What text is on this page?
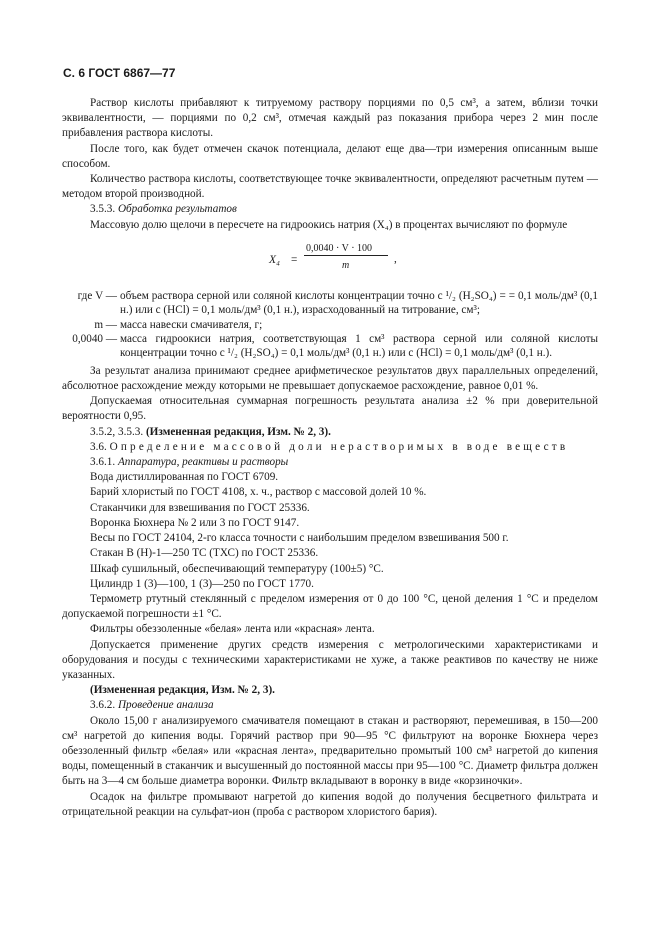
С. 6 ГОСТ 6867—77

Раствор кислоты прибавляют к титруемому раствору порциями по 0,5 см³, а затем, вблизи точки эквивалентности, — порциями по 0,2 см³, отмечая каждый раз показания прибора через 2 мин после прибавления раствора кислоты.

После того, как будет отмечен скачок потенциала, делают еще два—три измерения описанным выше способом.

Количество раствора кислоты, соответствующее точке эквивалентности, определяют расчетным путем — методом второй производной.

3.5.3. Обработка результатов

Массовую долю щелочи в пересчете на гидроокись натрия (X₄) в процентах вычисляют по формуле

X₄ =
0,0040 · V · 100
m
,
где V —	объем раствора серной или соляной кислоты концентрации точно c ¹/₂ (H₂SO₄) = = 0,1 моль/дм³ (0,1 н.) или c (HCl) = 0,1 моль/дм³ (0,1 н.), израсходованный на титрование, см³;
m —	масса навески смачивателя, г;
0,0040 —	масса гидроокиси натрия, соответствующая 1 см³ раствора серной или соляной кислоты концентрации точно c ¹/₂ (H₂SO₄) = 0,1 моль/дм³ (0,1 н.) или c (HCl) = 0,1 моль/дм³ (0,1 н.).

За результат анализа принимают среднее арифметическое результатов двух параллельных определений, абсолютное расхождение между которыми не превышает допускаемое расхождение, равное 0,01 %.

Допускаемая относительная суммарная погрешность результата анализа ±2 % при доверительной вероятности 0,95.

3.5.2, 3.5.3. (Измененная редакция, Изм. № 2, 3).

3.6. Определение массовой доли нерастворимых в воде веществ

3.6.1. Аппаратура, реактивы и растворы

Вода дистиллированная по ГОСТ 6709.

Барий хлористый по ГОСТ 4108, х. ч., раствор с массовой долей 10 %.

Стаканчики для взвешивания по ГОСТ 25336.

Воронка Бюхнера № 2 или 3 по ГОСТ 9147.

Весы по ГОСТ 24104, 2-го класса точности с наибольшим пределом взвешивания 500 г.

Стакан В (Н)-1—250 ТС (ТХС) по ГОСТ 25336.

Шкаф сушильный, обеспечивающий температуру (100±5) °С.

Цилиндр 1 (3)—100, 1 (3)—250 по ГОСТ 1770.

Термометр ртутный стеклянный с пределом измерения от 0 до 100 °С, ценой деления 1 °С и пределом допускаемой погрешности ±1 °С.

Фильтры обеззоленные «белая» лента или «красная» лента.

Допускается применение других средств измерения с метрологическими характеристиками и оборудования и посуды с техническими характеристиками не хуже, а также реактивов по качеству не ниже указанных.

(Измененная редакция, Изм. № 2, 3).

3.6.2. Проведение анализа

Около 15,00 г анализируемого смачивателя помещают в стакан и растворяют, перемешивая, в 150—200 см³ нагретой до кипения воды. Горячий раствор при 90—95 °С фильтруют на воронке Бюхнера через обеззоленный фильтр «белая» или «красная лента», предварительно промытый 100 см³ нагретой до кипения воды, помещенный в стаканчик и высушенный до постоянной массы при 95—100 °С. Диаметр фильтра должен быть на 3—4 см больше диаметра воронки. Фильтр вкладывают в воронку в виде «корзиночки».

Осадок на фильтре промывают нагретой до кипения водой до получения бесцветного фильтрата и отрицательной реакции на сульфат-ион (проба с раствором хлористого бария).
